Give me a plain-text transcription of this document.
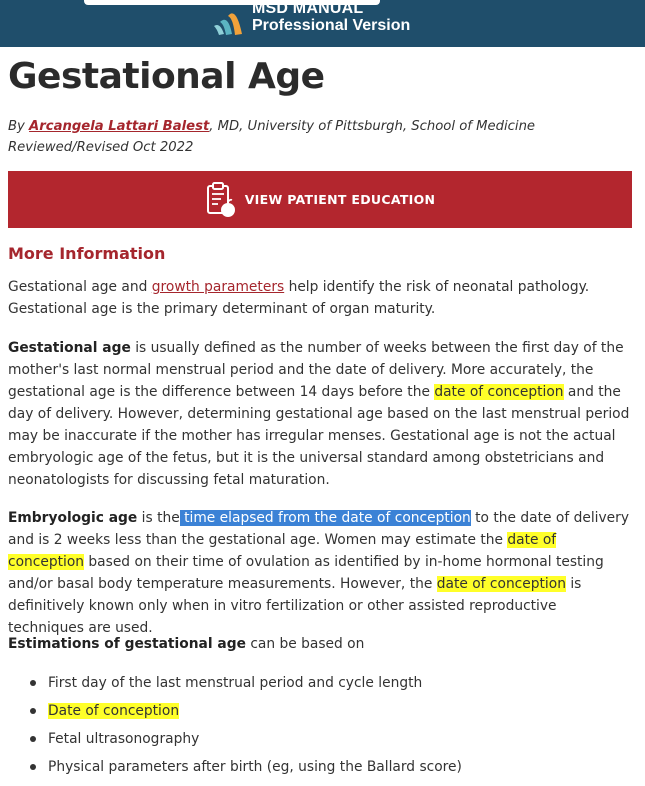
MSD MANUAL
Professional Version
Gestational Age
By Arcangela Lattari Balest, MD, University of Pittsburgh, School of Medicine
Reviewed/Revised Oct 2022
VIEW PATIENT EDUCATION
More Information

Gestational age and growth parameters help identify the risk of neonatal pathology. Gestational age is the primary determinant of organ maturity.

Gestational age is usually defined as the number of weeks between the first day of the mother's last normal menstrual period and the date of delivery. More accurately, the gestational age is the difference between 14 days before the date of conception and the day of delivery. However, determining gestational age based on the last menstrual period may be inaccurate if the mother has irregular menses. Gestational age is not the actual embryologic age of the fetus, but it is the universal standard among obstetricians and neonatologists for discussing fetal maturation.

Embryologic age is the time elapsed from the date of conception to the date of delivery and is 2 weeks less than the gestational age. Women may estimate the date of conception based on their time of ovulation as identified by in-home hormonal testing and/or basal body temperature measurements. However, the date of conception is definitively known only when in vitro fertilization or other assisted reproductive techniques are used.

Estimations of gestational age can be based on

First day of the last menstrual period and cycle length
Date of conception
Fetal ultrasonography
Physical parameters after birth (eg, using the Ballard score)
